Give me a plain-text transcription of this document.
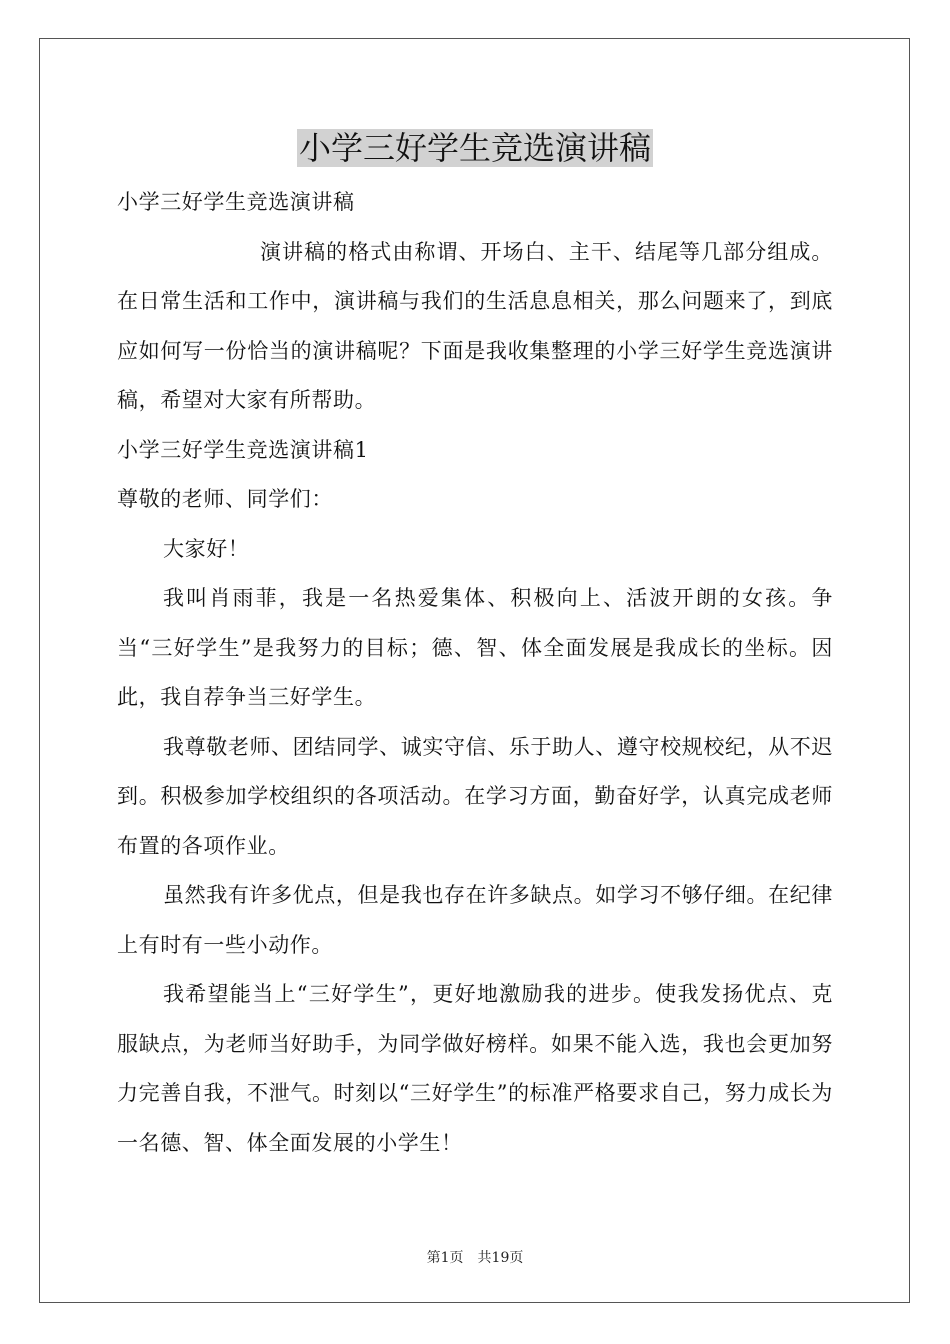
小学三好学生竞选演讲稿

小学三好学生竞选演讲稿

演讲稿的格式由称谓、开场白、主干、结尾等几部分组成。在日常生活和工作中，演讲稿与我们的生活息息相关，那么问题来了，到底应如何写一份恰当的演讲稿呢？下面是我收集整理的小学三好学生竞选演讲稿，希望对大家有所帮助。

小学三好学生竞选演讲稿1

尊敬的老师、同学们：

大家好！

我叫肖雨菲，我是一名热爱集体、积极向上、活波开朗的女孩。争当“三好学生”是我努力的目标；德、智、体全面发展是我成长的坐标。因此，我自荐争当三好学生。

我尊敬老师、团结同学、诚实守信、乐于助人、遵守校规校纪，从不迟到。积极参加学校组织的各项活动。在学习方面，勤奋好学，认真完成老师布置的各项作业。

虽然我有许多优点，但是我也存在许多缺点。如学习不够仔细。在纪律上有时有一些小动作。

我希望能当上“三好学生”，更好地激励我的进步。使我发扬优点、克服缺点，为老师当好助手，为同学做好榜样。如果不能入选，我也会更加努力完善自我，不泄气。时刻以“三好学生”的标准严格要求自己，努力成长为一名德、智、体全面发展的小学生！

第1页　共19页
